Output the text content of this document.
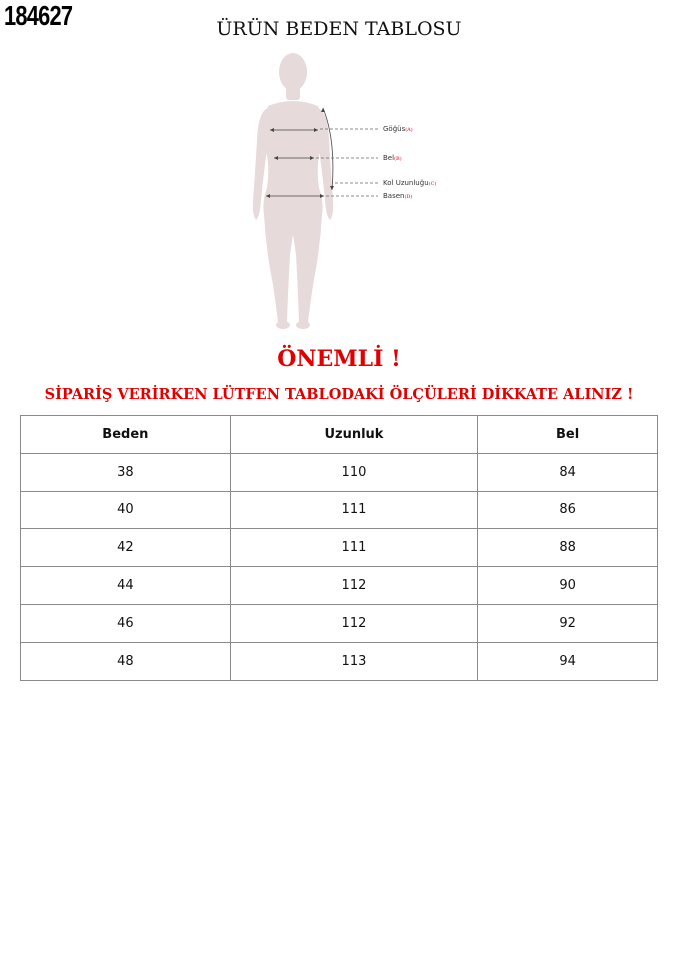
184627	ÜRÜN BEDEN TABLOSU
Göğüs(A)
Bel(B)
Kol Uzunluğu(C)
Basen(D)
ÖNEMLİ !
SİPARİŞ VERİRKEN LÜTFEN TABLODAKİ ÖLÇÜLERİ DİKKATE ALINIZ !
Beden	Uzunluk	Bel
38	110	84
40	111	86
42	111	88
44	112	90
46	112	92
48	113	94
